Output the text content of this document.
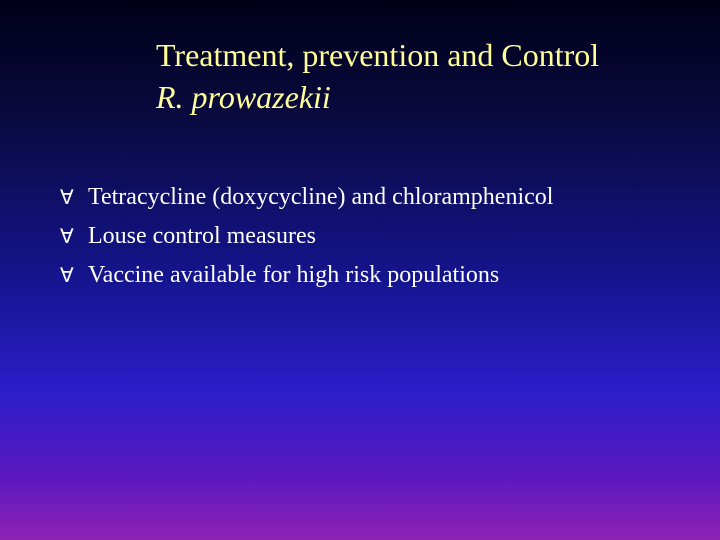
Treatment, prevention and Control
R. prowazekii
∀ Tetracycline (doxycycline) and chloramphenicol
∀ Louse control measures
∀ Vaccine available for high risk populations
